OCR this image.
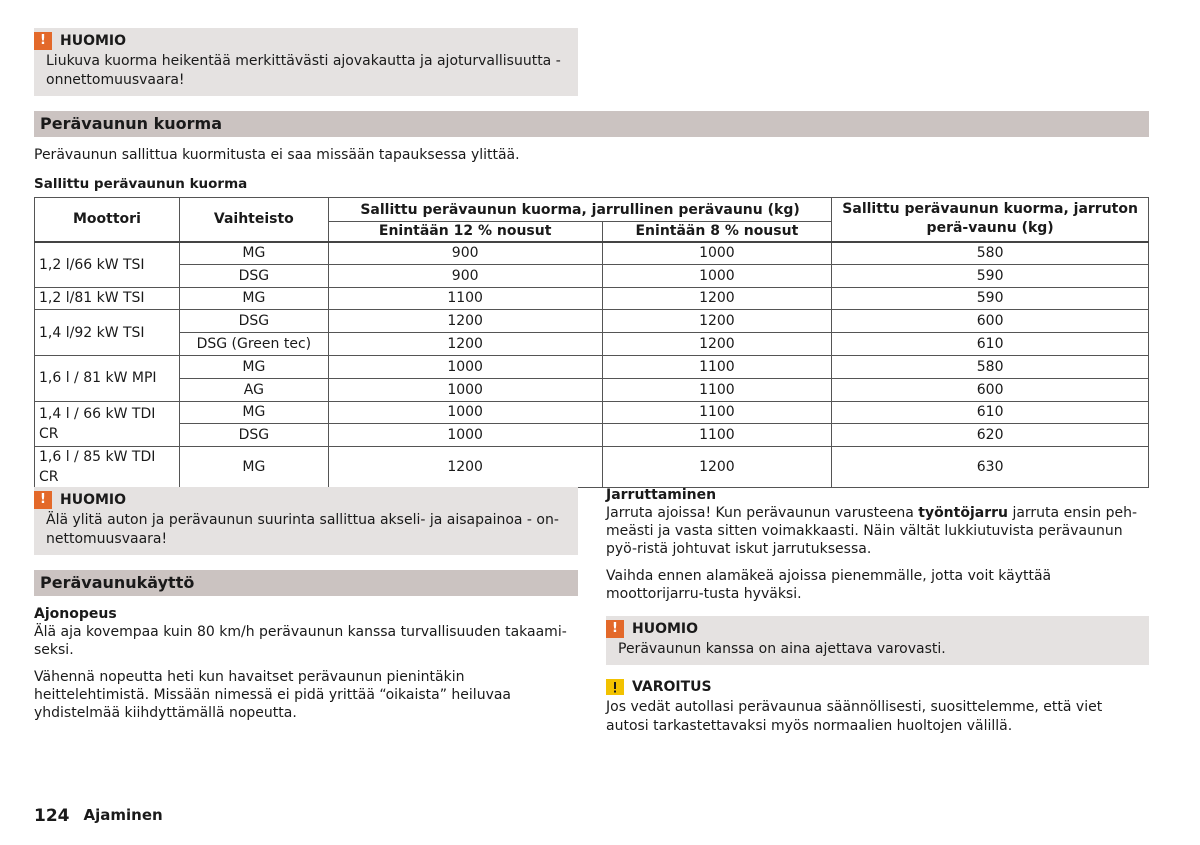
!	HUOMIO
Liukuva kuorma heikentää merkittävästi ajovakautta ja ajoturvallisuutta - onnettomuusvaara!
Perävaunun kuorma
Perävaunun sallittua kuormitusta ei saa missään tapauksessa ylittää.
Sallittu perävaunun kuorma
Moottori	Vaihteisto	Sallittu perävaunun kuorma, jarrullinen perävaunu (kg)		Sallittu perävaunun kuorma, jarruton perä-vaunu (kg)
		Enintään 12 % nousut	Enintään 8 % nousut	
1,2 l/66 kW TSI	MG	900	1000	580
	DSG	900	1000	590
1,2 l/81 kW TSI	MG	1100	1200	590
1,4 l/92 kW TSI	DSG	1200	1200	600
	DSG (Green tec)	1200	1200	610
1,6 l / 81 kW MPI	MG	1000	1100	580
	AG	1000	1100	600
1,4 l / 66 kW TDI CR	MG	1000	1100	610
	DSG	1000	1100	620
1,6 l / 85 kW TDI CR	MG	1200	1200	630
!	HUOMIO
Älä ylitä auton ja perävaunun suurinta sallittua akseli- ja aisapainoa - on-nettomuusvaara!
Perävaunukäyttö
Ajonopeus
Älä aja kovempaa kuin 80 km/h perävaunun kanssa turvallisuuden takaami-seksi.
Vähennä nopeutta heti kun havaitset perävaunun pienintäkin heittelehtimistä. Missään nimessä ei pidä yrittää “oikaista” heiluvaa yhdistelmää kiihdyttämällä nopeutta.
Jarruttaminen
Jarruta ajoissa! Kun perävaunun varusteena työntöjarru jarruta ensin peh-meästi ja vasta sitten voimakkaasti. Näin vältät lukkiutuvista perävaunun pyö-ristä johtuvat iskut jarrutuksessa.
Vaihda ennen alamäkeä ajoissa pienemmälle, jotta voit käyttää moottorijarru-tusta hyväksi.
!	HUOMIO
Perävaunun kanssa on aina ajettava varovasti.
VAROITUS
Jos vedät autollasi perävaunua säännöllisesti, suosittelemme, että viet autosi tarkastettavaksi myös normaalien huoltojen välillä.
124 Ajaminen
